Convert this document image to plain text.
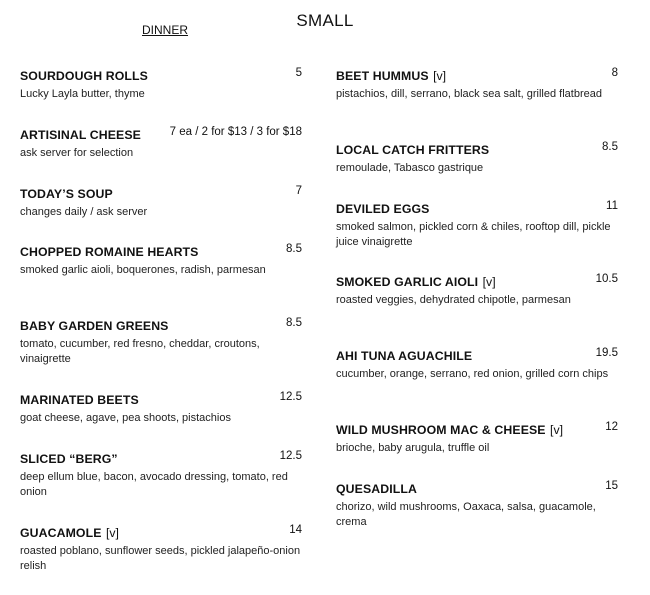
DINNER	SMALL
SOURDOUGH ROLLS	5
Lucky Layla butter, thyme
ARTISINAL CHEESE 7 ea / 2 for $13 / 3 for $18
ask server for selection
TODAY’S SOUP	7
changes daily / ask server
CHOPPED ROMAINE HEARTS	8.5
smoked garlic aioli, boquerones, radish, parmesan
BABY GARDEN GREENS	8.5
tomato, cucumber, red fresno, cheddar, croutons, vinaigrette
MARINATED BEETS	12.5
goat cheese, agave, pea shoots, pistachios
SLICED “BERG”	12.5
deep ellum blue, bacon, avocado dressing, tomato, red onion
GUACAMOLE [v]	14
roasted poblano, sunflower seeds, pickled jalapeño-onion relish
BEET HUMMUS [v]	8
pistachios, dill, serrano, black sea salt, grilled flatbread
LOCAL CATCH FRITTERS	8.5
remoulade, Tabasco gastrique
DEVILED EGGS	11
smoked salmon, pickled corn & chiles, rooftop dill, pickle juice vinaigrette
SMOKED GARLIC AIOLI [v]	10.5
roasted veggies, dehydrated chipotle, parmesan
AHI TUNA AGUACHILE	19.5
cucumber, orange, serrano, red onion, grilled corn chips
WILD MUSHROOM MAC & CHEESE [v]	12
brioche, baby arugula, truffle oil
QUESADILLA	15
chorizo, wild mushrooms, Oaxaca, salsa, guacamole, crema
